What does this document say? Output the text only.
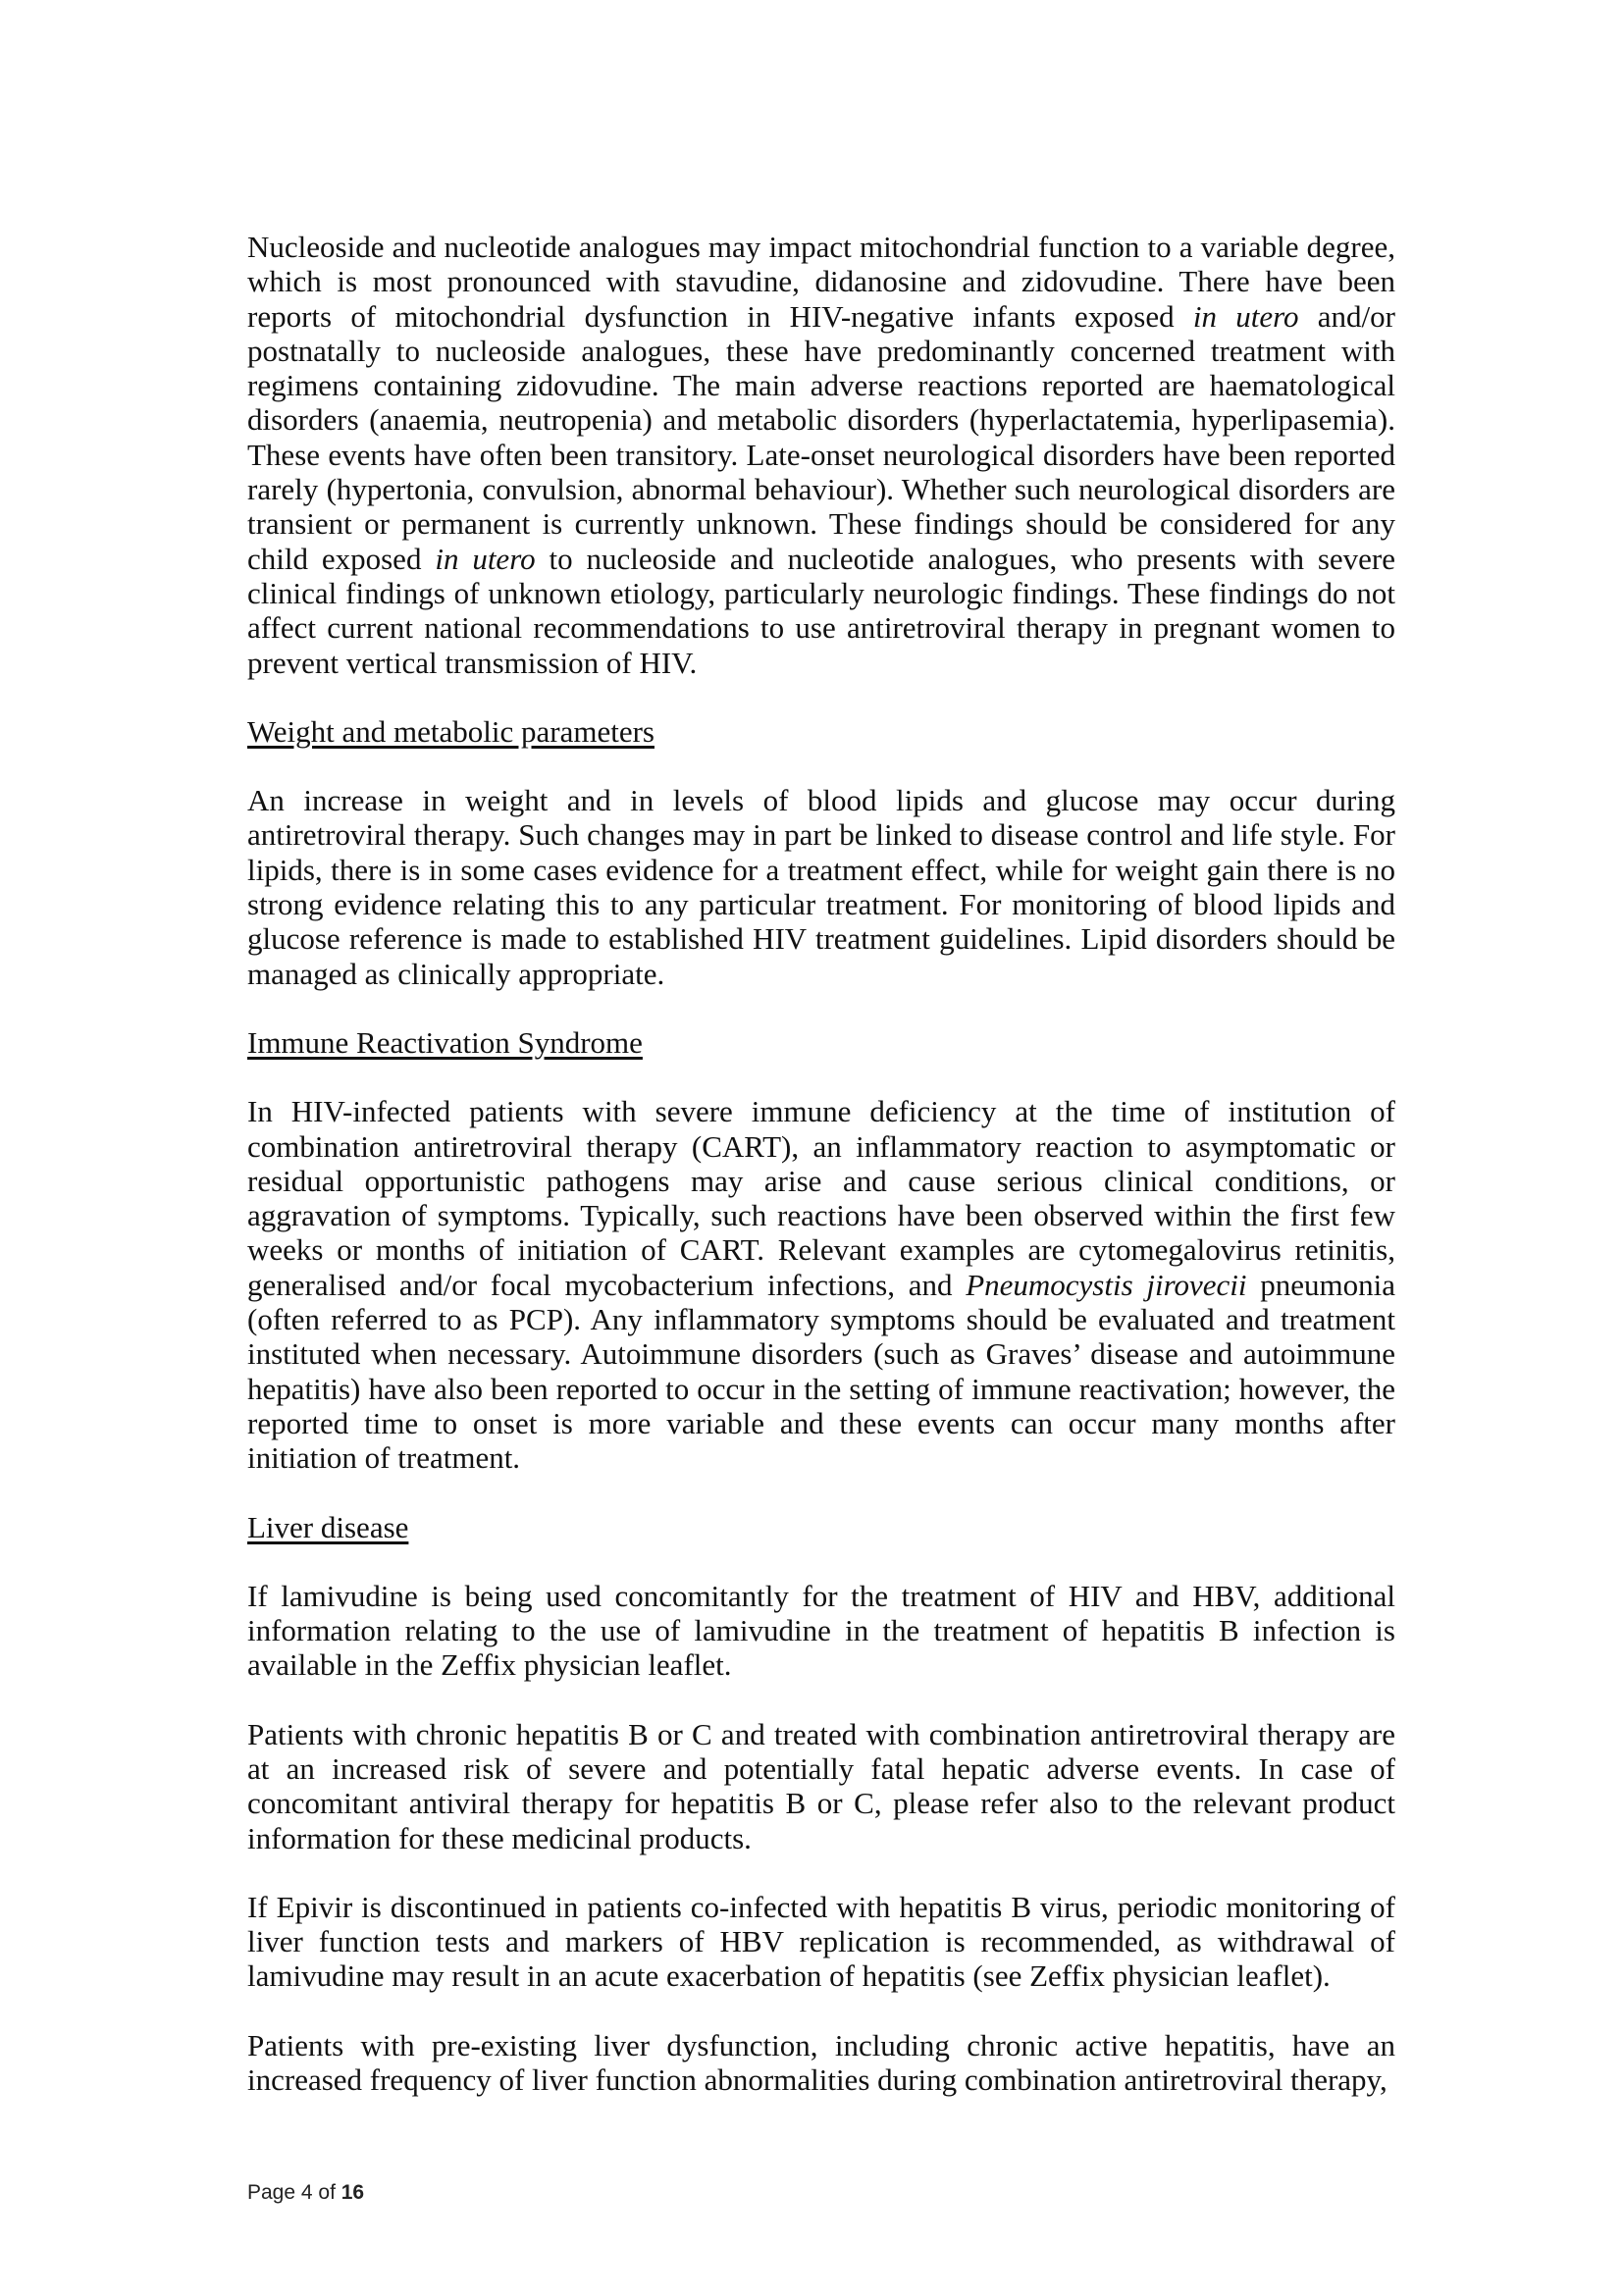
Nucleoside and nucleotide analogues may impact mitochondrial function to a variable degree, which is most pronounced with stavudine, didanosine and zidovudine. There have been reports of mitochondrial dysfunction in HIV-negative infants exposed in utero and/or postnatally to nucleoside analogues, these have predominantly concerned treatment with regimens containing zidovudine. The main adverse reactions reported are haematological disorders (anaemia, neutropenia) and metabolic disorders (hyperlactatemia, hyperlipasemia). These events have often been transitory. Late-onset neurological disorders have been reported rarely (hypertonia, convulsion, abnormal behaviour). Whether such neurological disorders are transient or permanent is currently unknown. These findings should be considered for any child exposed in utero to nucleoside and nucleotide analogues, who presents with severe clinical findings of unknown etiology, particularly neurologic findings. These findings do not affect current national recommendations to use antiretroviral therapy in pregnant women to prevent vertical transmission of HIV.

Weight and metabolic parameters

An increase in weight and in levels of blood lipids and glucose may occur during antiretroviral therapy. Such changes may in part be linked to disease control and life style. For lipids, there is in some cases evidence for a treatment effect, while for weight gain there is no strong evidence relating this to any particular treatment. For monitoring of blood lipids and glucose reference is made to established HIV treatment guidelines. Lipid disorders should be managed as clinically appropriate.

Immune Reactivation Syndrome

In HIV-infected patients with severe immune deficiency at the time of institution of combination antiretroviral therapy (CART), an inflammatory reaction to asymptomatic or residual opportunistic pathogens may arise and cause serious clinical conditions, or aggravation of symptoms. Typically, such reactions have been observed within the first few weeks or months of initiation of CART. Relevant examples are cytomegalovirus retinitis, generalised and/or focal mycobacterium infections, and Pneumocystis jirovecii pneumonia (often referred to as PCP). Any inflammatory symptoms should be evaluated and treatment instituted when necessary. Autoimmune disorders (such as Graves’ disease and autoimmune hepatitis) have also been reported to occur in the setting of immune reactivation; however, the reported time to onset is more variable and these events can occur many months after initiation of treatment.

Liver disease

If lamivudine is being used concomitantly for the treatment of HIV and HBV, additional information relating to the use of lamivudine in the treatment of hepatitis B infection is available in the Zeffix physician leaflet.

Patients with chronic hepatitis B or C and treated with combination antiretroviral therapy are at an increased risk of severe and potentially fatal hepatic adverse events. In case of concomitant antiviral therapy for hepatitis B or C, please refer also to the relevant product information for these medicinal products.

If Epivir is discontinued in patients co-infected with hepatitis B virus, periodic monitoring of liver function tests and markers of HBV replication is recommended, as withdrawal of lamivudine may result in an acute exacerbation of hepatitis (see Zeffix physician leaflet).

Patients with pre-existing liver dysfunction, including chronic active hepatitis, have an increased frequency of liver function abnormalities during combination antiretroviral therapy,

Page 4 of 16
